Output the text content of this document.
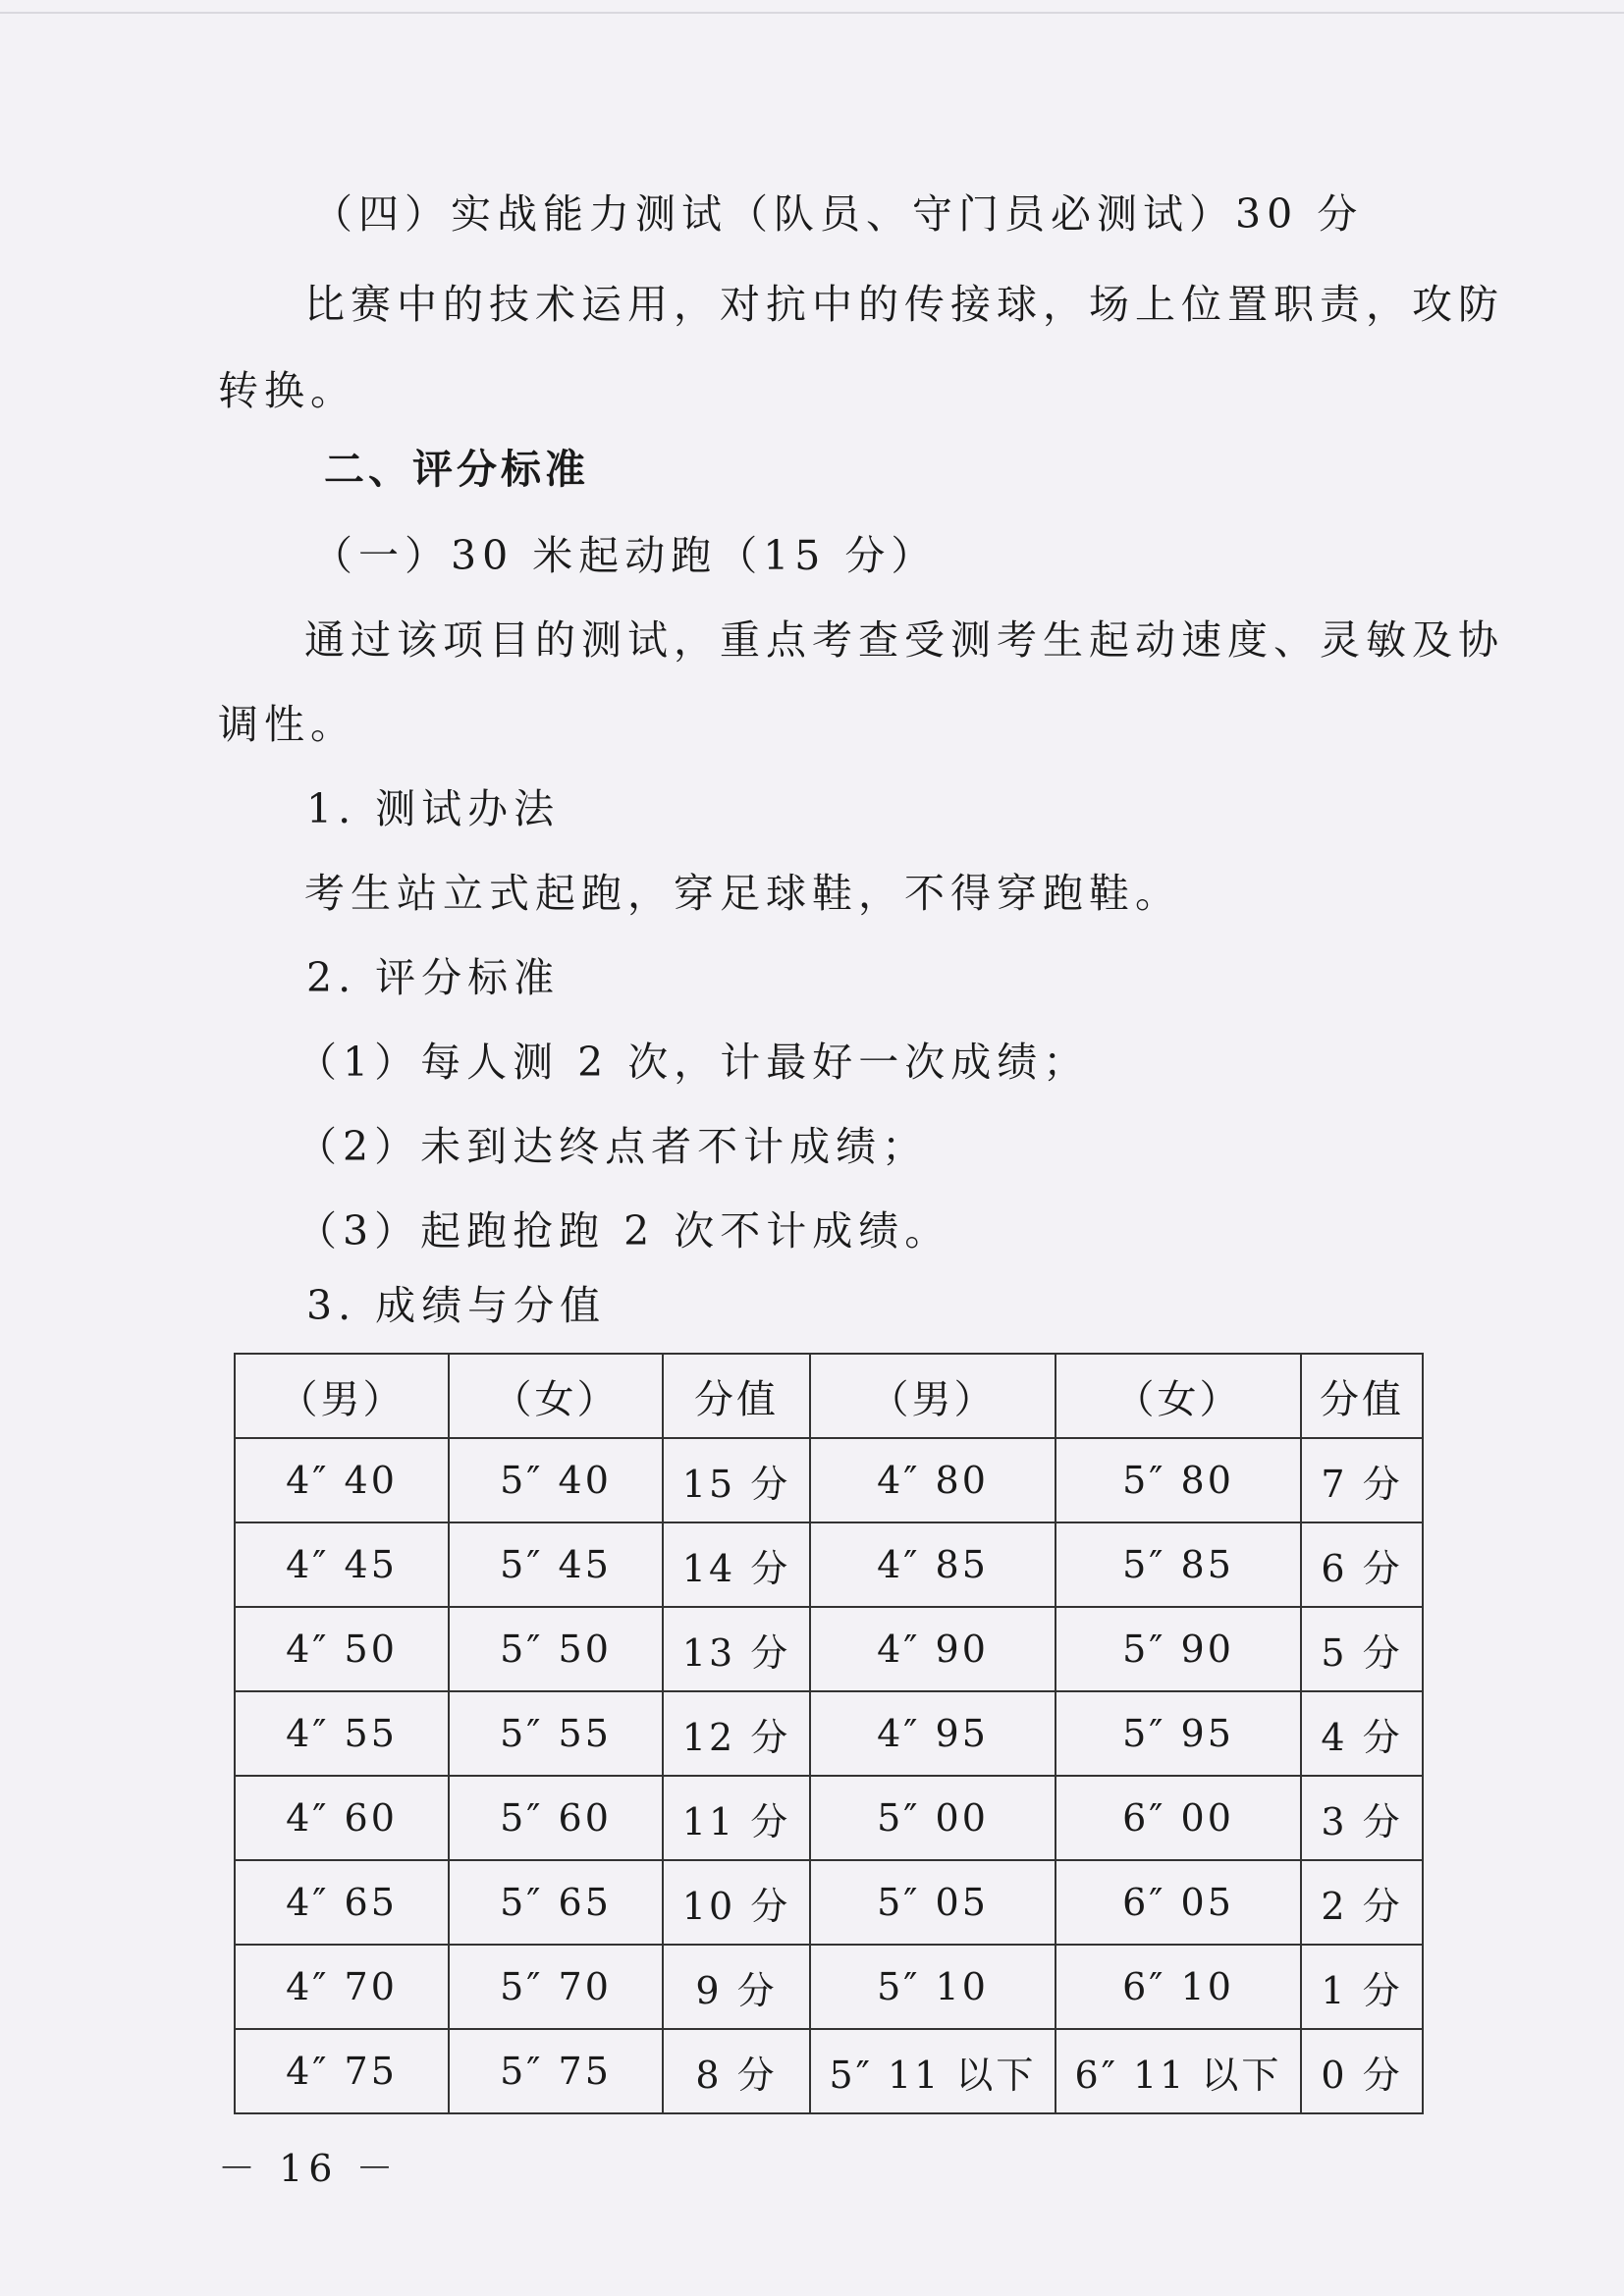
（四）实战能力测试（队员、守门员必测试）30 分
比赛中的技术运用，对抗中的传接球，场上位置职责，攻防
转换。
二、评分标准
（一）30 米起动跑（15 分）
通过该项目的测试，重点考查受测考生起动速度、灵敏及协
调性。
1. 测试办法
考生站立式起跑，穿足球鞋，不得穿跑鞋。
2. 评分标准
（1）每人测 2 次，计最好一次成绩；
（2）未到达终点者不计成绩；
（3）起跑抢跑 2 次不计成绩。
3. 成绩与分值
（男）	（女）	分值	（男）	（女）	分值
4″ 40	5″ 40	15 分	4″ 80	5″ 80	7 分
4″ 45	5″ 45	14 分	4″ 85	5″ 85	6 分
4″ 50	5″ 50	13 分	4″ 90	5″ 90	5 分
4″ 55	5″ 55	12 分	4″ 95	5″ 95	4 分
4″ 60	5″ 60	11 分	5″ 00	6″ 00	3 分
4″ 65	5″ 65	10 分	5″ 05	6″ 05	2 分
4″ 70	5″ 70	9 分	5″ 10	6″ 10	1 分
4″ 75	5″ 75	8 分	5″ 11 以下	6″ 11 以下	0 分
－ 16 －
